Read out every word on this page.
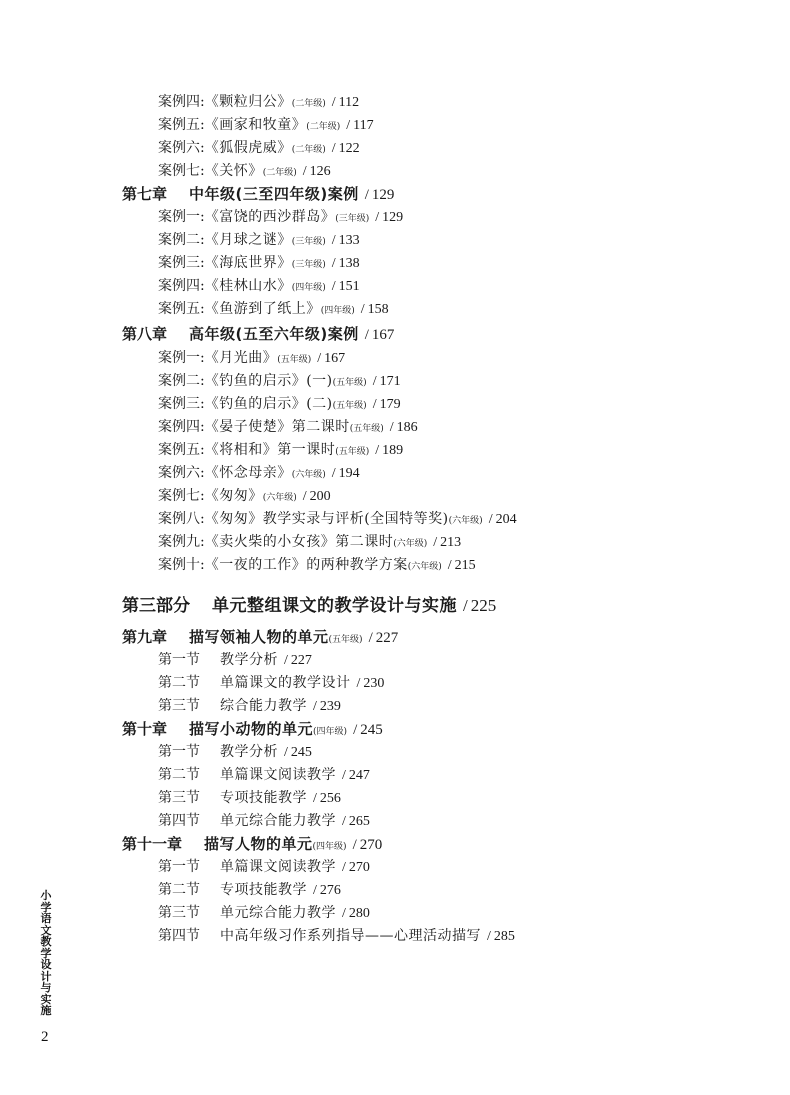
案例四:《颗粒归公》(二年级) / 112
案例五:《画家和牧童》(二年级) / 117
案例六:《狐假虎威》(二年级) / 122
案例七:《关怀》(二年级) / 126
第七章 中年级(三至四年级)案例 / 129
案例一:《富饶的西沙群岛》(三年级) / 129
案例二:《月球之谜》(三年级) / 133
案例三:《海底世界》(三年级) / 138
案例四:《桂林山水》(四年级) / 151
案例五:《鱼游到了纸上》(四年级) / 158
第八章 高年级(五至六年级)案例 / 167
案例一:《月光曲》(五年级) / 167
案例二:《钓鱼的启示》(一)(五年级) / 171
案例三:《钓鱼的启示》(二)(五年级) / 179
案例四:《晏子使楚》第二课时(五年级) / 186
案例五:《将相和》第一课时(五年级) / 189
案例六:《怀念母亲》(六年级) / 194
案例七:《匆匆》(六年级) / 200
案例八:《匆匆》教学实录与评析(全国特等奖)(六年级) / 204
案例九:《卖火柴的小女孩》第二课时(六年级) / 213
案例十:《一夜的工作》的两种教学方案(六年级) / 215
第三部分 单元整组课文的教学设计与实施 / 225
第九章 描写领袖人物的单元(五年级) / 227
第一节 教学分析 / 227
第二节 单篇课文的教学设计 / 230
第三节 综合能力教学 / 239
第十章 描写小动物的单元(四年级) / 245
第一节 教学分析 / 245
第二节 单篇课文阅读教学 / 247
第三节 专项技能教学 / 256
第四节 单元综合能力教学 / 265
第十一章 描写人物的单元(四年级) / 270
第一节 单篇课文阅读教学 / 270
第二节 专项技能教学 / 276
第三节 单元综合能力教学 / 280
第四节 中高年级习作系列指导——心理活动描写 / 285
小学语文教学设计与实施
2
